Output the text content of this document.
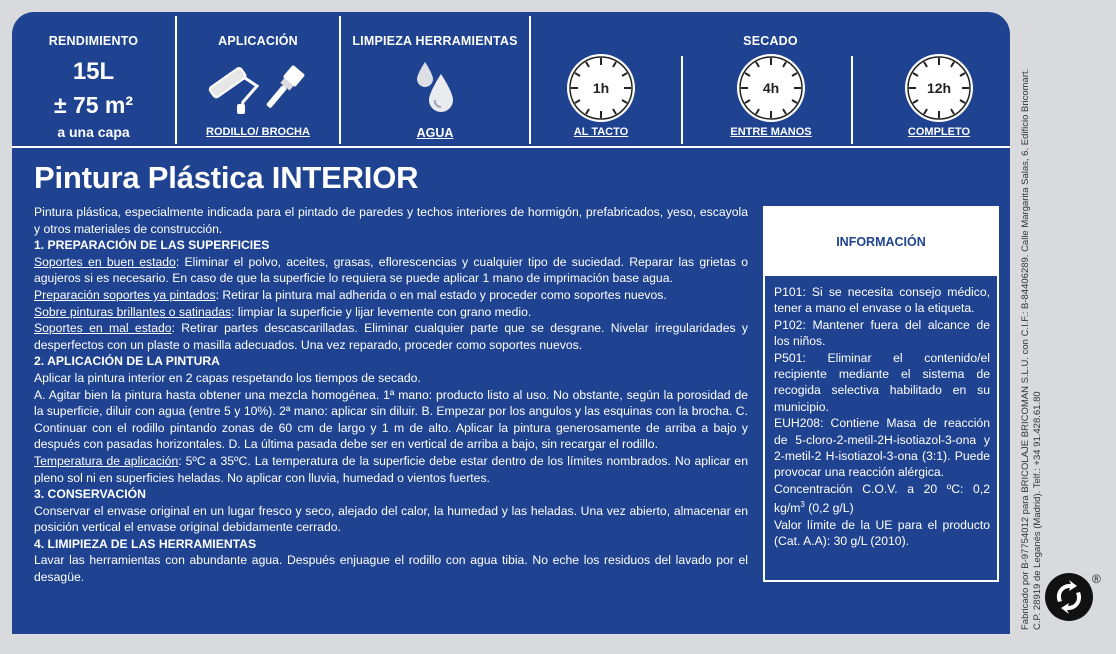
RENDIMIENTO
15L
± 75 m²
a una capa
APLICACIÓN
RODILLO/ BROCHA
LIMPIEZA HERRAMIENTAS
AGUA
SECADO
1h
AL TACTO
4h
ENTRE MANOS
12h
COMPLETO
Pintura Plástica INTERIOR

Pintura plástica, especialmente indicada para el pintado de paredes y techos interiores de hormigón, prefabricados, yeso, escayola y otros materiales de construcción.

1. PREPARACIÓN DE LAS SUPERFICIES

Soportes en buen estado: Eliminar el polvo, aceites, grasas, eflorescencias y cualquier tipo de suciedad. Reparar las grietas o agujeros si es necesario. En caso de que la superficie lo requiera se puede aplicar 1 mano de imprimación base agua.

Preparación soportes ya pintados: Retirar la pintura mal adherida o en mal estado y proceder como soportes nuevos.

Sobre pinturas brillantes o satinadas: limpiar la superficie y lijar levemente con grano medio.

Soportes en mal estado: Retirar partes descascarilladas. Eliminar cualquier parte que se desgrane. Nivelar irregularidades y desperfectos con un plaste o masilla adecuados. Una vez reparado, proceder como soportes nuevos.

2. APLICACIÓN DE LA PINTURA

Aplicar la pintura interior en 2 capas respetando los tiempos de secado.

A. Agitar bien la pintura hasta obtener una mezcla homogénea. 1ª mano: producto listo al uso. No obstante, según la porosidad de la superficie, diluir con agua (entre 5 y 10%). 2ª mano: aplicar sin diluir. B. Empezar por los angulos y las esquinas con la brocha. C. Continuar con el rodillo pintando zonas de 60 cm de largo y 1 m de alto. Aplicar la pintura generosamente de arriba a bajo y después con pasadas horizontales. D. La última pasada debe ser en vertical de arriba a bajo, sin recargar el rodillo.

Temperatura de aplicación: 5ºC a 35ºC. La temperatura de la superficie debe estar dentro de los límites nombrados. No aplicar en pleno sol ni en superficies heladas. No aplicar con lluvia, humedad o vientos fuertes.

3. CONSERVACIÓN

Conservar el envase original en un lugar fresco y seco, alejado del calor, la humedad y las heladas. Una vez abierto, almacenar en posición vertical el envase original debidamente cerrado.

4. LIMIPIEZA DE LAS HERRAMIENTAS

Lavar las herramientas con abundante agua. Después enjuague el rodillo con agua tibia. No eche los residuos del lavado por el desagüe.

INFORMACIÓN

P101: Si se necesita consejo médico, tener a mano el envase o la etiqueta.

P102: Mantener fuera del alcance de los niños.

P501: Eliminar el contenido/el recipiente mediante el sistema de recogida selectiva habilitado en su municipio.

EUH208: Contiene Masa de reacción de 5-cloro-2-metil-2H-isotiazol-3-ona y 2-metil-2 H-isotiazol-3-ona (3:1). Puede provocar una reacción alérgica.

Concentración C.O.V. a 20 ºC: 0,2 $kg/m^3$ (0,2 g/L)

Valor límite de la UE para el producto (Cat. A.A): 30 g/L (2010).	Fabricado por B-97754012 para BRICOLAJE BRICOMAN S.L.U. con C.I.F.: B-84406289. Calle Margarita Salas, 6. Edificio Bricomart. C.P. 28919 de Leganés (Madrid). Telf.: +34 91.428.61.80	®
